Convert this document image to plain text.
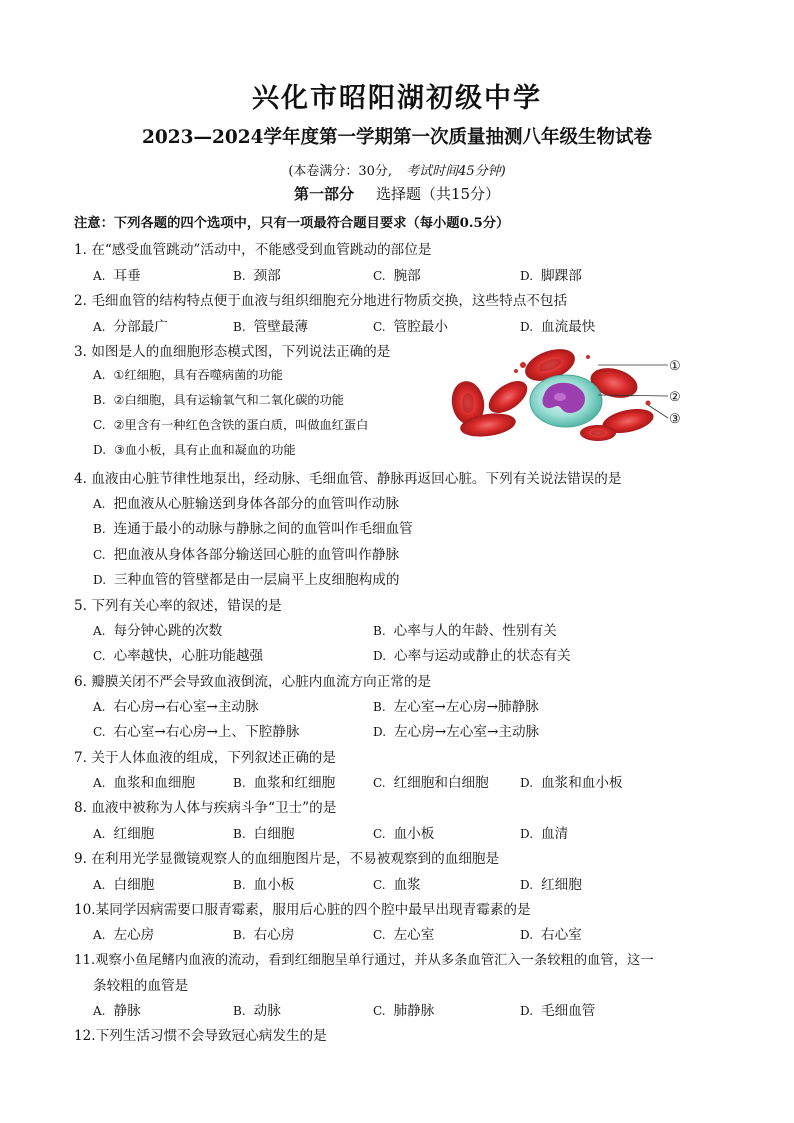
兴化市昭阳湖初级中学
2023—2024学年度第一学期第一次质量抽测八年级生物试卷
(本卷满分：30分, 考试时间45分钟)
第一部分 选择题（共15分）
注意：下列各题的四个选项中，只有一项最符合题目要求（每小题0.5分）
1. 在“感受血管跳动”活动中，不能感受到血管跳动的部位是
A. 耳垂	B. 颈部	C. 腕部	D. 脚踝部
2. 毛细血管的结构特点便于血液与组织细胞充分地进行物质交换，这些特点不包括
A. 分部最广	B. 管壁最薄	C. 管腔最小	D. 血流最快
3. 如图是人的血细胞形态模式图，下列说法正确的是
A. ①红细胞，具有吞噬病菌的功能
B. ②白细胞，具有运输氧气和二氧化碳的功能
C. ②里含有一种红色含铁的蛋白质，叫做血红蛋白
D. ③血小板，具有止血和凝血的功能
①
②
③
4. 血液由心脏节律性地泵出，经动脉、毛细血管、静脉再返回心脏。下列有关说法错误的是
A. 把血液从心脏输送到身体各部分的血管叫作动脉
B. 连通于最小的动脉与静脉之间的血管叫作毛细血管
C. 把血液从身体各部分输送回心脏的血管叫作静脉
D. 三种血管的管壁都是由一层扁平上皮细胞构成的
5. 下列有关心率的叙述，错误的是
A. 每分钟心跳的次数	B. 心率与人的年龄、性别有关
C. 心率越快，心脏功能越强	D. 心率与运动或静止的状态有关
6. 瓣膜关闭不严会导致血液倒流，心脏内血流方向正常的是
A. 右心房→右心室→主动脉	B. 左心室→左心房→肺静脉
C. 右心室→右心房→上、下腔静脉	D. 左心房→左心室→主动脉
7. 关于人体血液的组成，下列叙述正确的是
A. 血浆和血细胞	B. 血浆和红细胞	C. 红细胞和白细胞	D. 血浆和血小板
8. 血液中被称为人体与疾病斗争“卫士”的是
A. 红细胞	B. 白细胞	C. 血小板	D. 血清
9. 在利用光学显微镜观察人的血细胞图片是，不易被观察到的血细胞是
A. 白细胞	B. 血小板	C. 血浆	D. 红细胞
10.某同学因病需要口服青霉素，服用后心脏的四个腔中最早出现青霉素的是
A. 左心房	B. 右心房	C. 左心室	D. 右心室
11.观察小鱼尾鳍内血液的流动，看到红细胞呈单行通过，并从多条血管汇入一条较粗的血管，这一
条较粗的血管是
A. 静脉	B. 动脉	C. 肺静脉	D. 毛细血管
12.下列生活习惯不会导致冠心病发生的是
